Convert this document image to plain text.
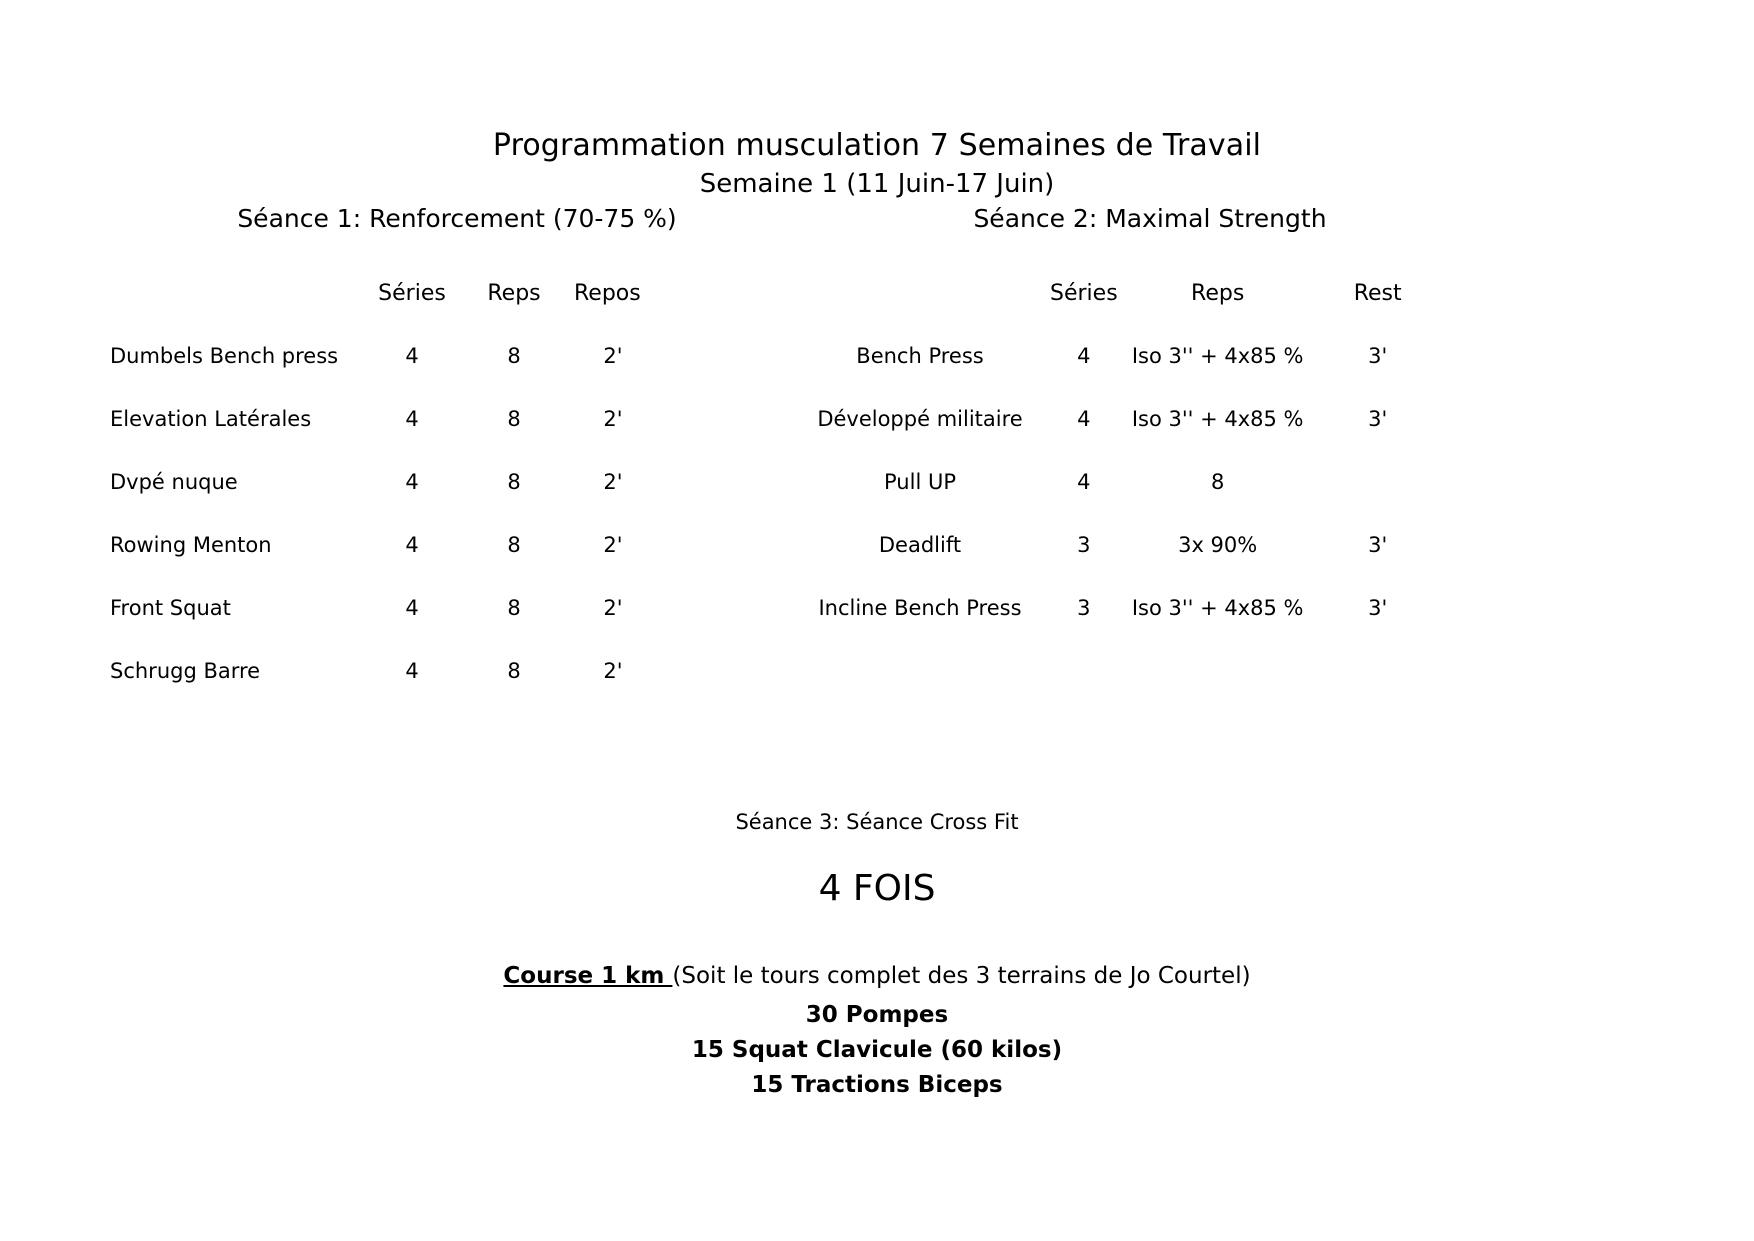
Programmation musculation 7 Semaines de Travail
Semaine 1 (11 Juin-17 Juin)
Séance 1: Renforcement (70-75 %)	Séance 2: Maximal Strength
	Séries	Reps	Repos

Dumbels Bench press	4	8	2'

Elevation Latérales	4	8	2'

Dvpé nuque	4	8	2'

Rowing Menton	4	8	2'

Front Squat	4	8	2'

Schrugg Barre	4	8	2'
	Séries	Reps	Rest
Bench Press	4	Iso 3'' + 4x85 %	3'
Développé militaire	4	Iso 3'' + 4x85 %	3'
Pull UP	4	8	
Deadlift	3	3x 90%	3'
Incline Bench Press	3	Iso 3'' + 4x85 %	3'
Séance 3: Séance Cross Fit
4 FOIS
Course 1 km (Soit le tours complet des 3 terrains de Jo Courtel)
30 Pompes
15 Squat Clavicule (60 kilos)
15 Tractions Biceps
